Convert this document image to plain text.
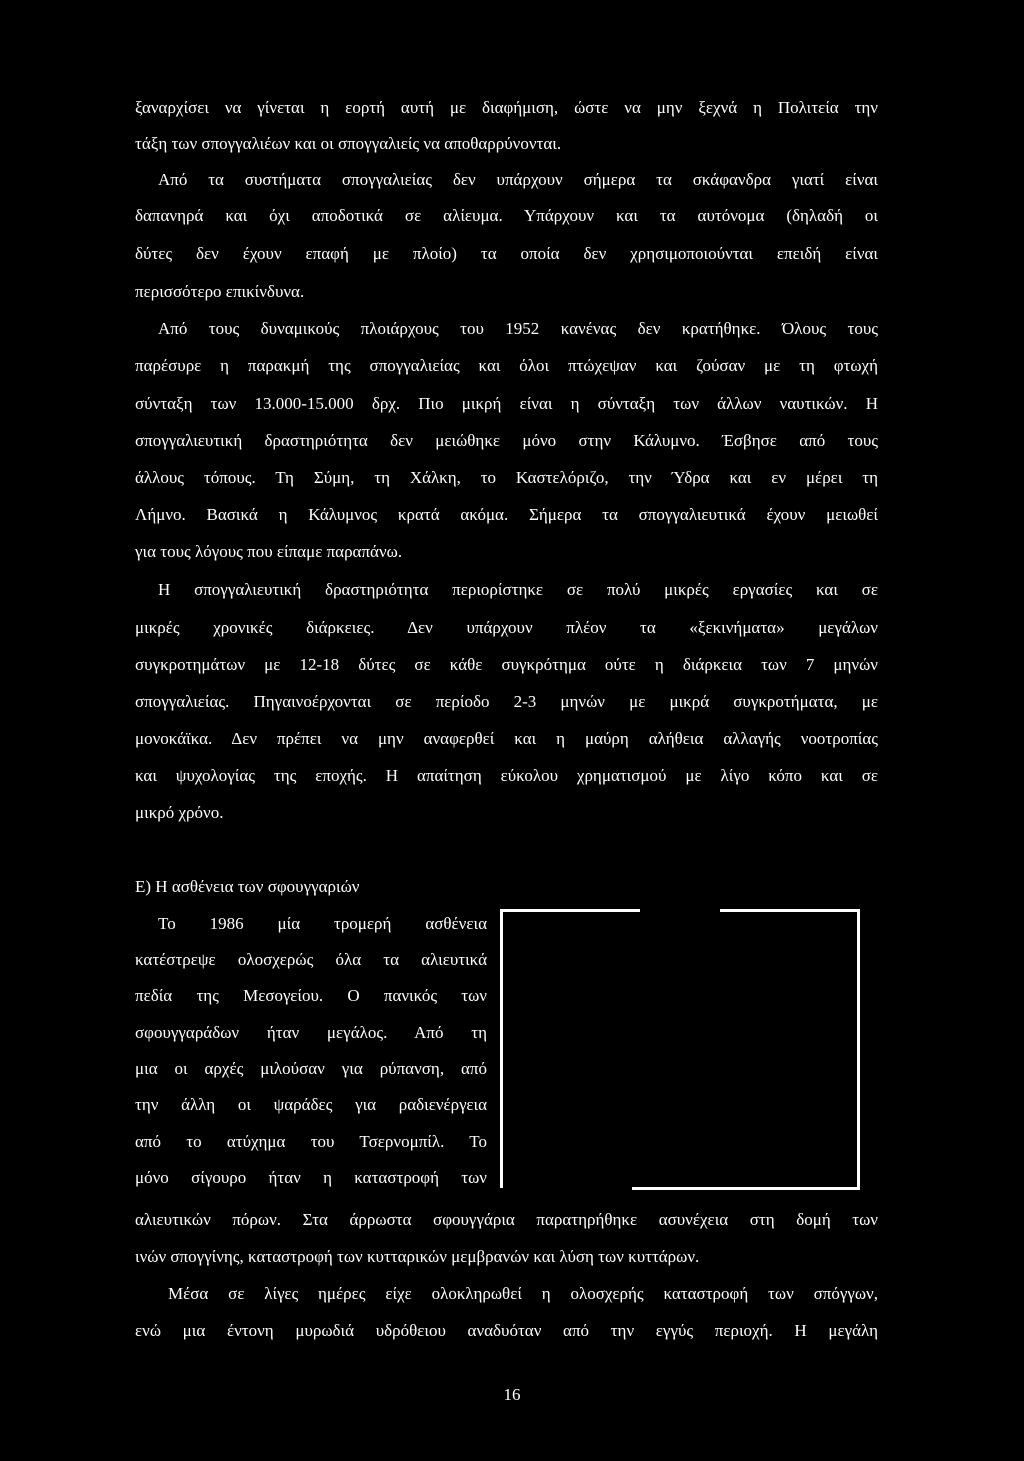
ξαναρχίσει να γίνεται η εορτή αυτή με διαφήμιση, ώστε να μην ξεχνά η Πολιτεία την
τάξη των σπογγαλιέων και οι σπογγαλιείς να αποθαρρύνονται.
Από τα συστήματα σπογγαλιείας δεν υπάρχουν σήμερα τα σκάφανδρα γιατί είναι
δαπανηρά και όχι αποδοτικά σε αλίευμα. Υπάρχουν και τα αυτόνομα (δηλαδή οι
δύτες δεν έχουν επαφή με πλοίο) τα οποία δεν χρησιμοποιούνται επειδή είναι
περισσότερο επικίνδυνα.
Από τους δυναμικούς πλοιάρχους του 1952 κανένας δεν κρατήθηκε. Όλους τους
παρέσυρε η παρακμή της σπογγαλιείας και όλοι πτώχεψαν και ζούσαν με τη φτωχή
σύνταξη των 13.000-15.000 δρχ. Πιο μικρή είναι η σύνταξη των άλλων ναυτικών. Η
σπογγαλιευτική δραστηριότητα δεν μειώθηκε μόνο στην Κάλυμνο. Έσβησε από τους
άλλους τόπους. Τη Σύμη, τη Χάλκη, το Καστελόριζο, την Ύδρα και εν μέρει τη
Λήμνο. Βασικά η Κάλυμνος κρατά ακόμα. Σήμερα τα σπογγαλιευτικά έχουν μειωθεί
για τους λόγους που είπαμε παραπάνω.
Η σπογγαλιευτική δραστηριότητα περιορίστηκε σε πολύ μικρές εργασίες και σε
μικρές χρονικές διάρκειες. Δεν υπάρχουν πλέον τα «ξεκινήματα» μεγάλων
συγκροτημάτων με 12-18 δύτες σε κάθε συγκρότημα ούτε η διάρκεια των 7 μηνών
σπογγαλιείας. Πηγαινοέρχονται σε περίοδο 2-3 μηνών με μικρά συγκροτήματα, με
μονοκάϊκα. Δεν πρέπει να μην αναφερθεί και η μαύρη αλήθεια αλλαγής νοοτροπίας
και ψυχολογίας της εποχής. Η απαίτηση εύκολου χρηματισμού με λίγο κόπο και σε
μικρό χρόνο.
Ε) Η ασθένεια των σφουγγαριών
Το 1986 μία τρομερή ασθένεια
κατέστρεψε ολοσχερώς όλα τα αλιευτικά
πεδία της Μεσογείου. Ο πανικός των
σφουγγαράδων ήταν μεγάλος. Από τη
μια οι αρχές μιλούσαν για ρύπανση, από
την άλλη οι ψαράδες για ραδιενέργεια
από το ατύχημα του Τσερνομπίλ. Το
μόνο σίγουρο ήταν η καταστροφή των
αλιευτικών πόρων. Στα άρρωστα σφουγγάρια παρατηρήθηκε ασυνέχεια στη δομή των
ινών σπογγίνης, καταστροφή των κυτταρικών μεμβρανών και λύση των κυττάρων.
Μέσα σε λίγες ημέρες είχε ολοκληρωθεί η ολοσχερής καταστροφή των σπόγγων,
ενώ μια έντονη μυρωδιά υδρόθειου αναδυόταν από την εγγύς περιοχή. Η μεγάλη
16
